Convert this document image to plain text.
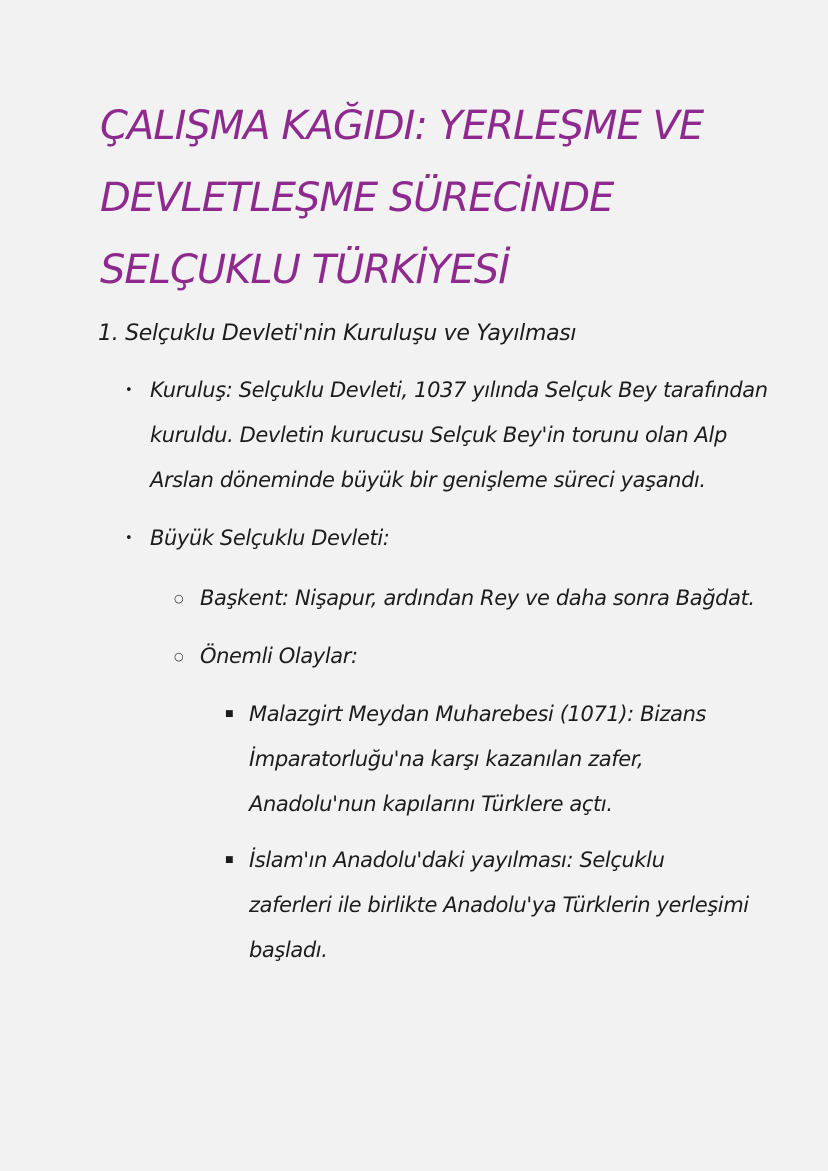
ÇALIŞMA KAĞIDI: YERLEŞME VE
DEVLETLEŞME SÜRECİNDE
SELÇUKLU TÜRKİYESİ
1. Selçuklu Devleti'nin Kuruluşu ve Yayılması
• Kuruluş: Selçuklu Devleti, 1037 yılında Selçuk Bey tarafından
kuruldu. Devletin kurucusu Selçuk Bey'in torunu olan Alp
Arslan döneminde büyük bir genişleme süreci yaşandı.
• Büyük Selçuklu Devleti:
○ Başkent: Nişapur, ardından Rey ve daha sonra Bağdat.
○ Önemli Olaylar:
■ Malazgirt Meydan Muharebesi (1071): Bizans
İmparatorluğu'na karşı kazanılan zafer,
Anadolu'nun kapılarını Türklere açtı.
■ İslam'ın Anadolu'daki yayılması: Selçuklu
zaferleri ile birlikte Anadolu'ya Türklerin yerleşimi
başladı.
